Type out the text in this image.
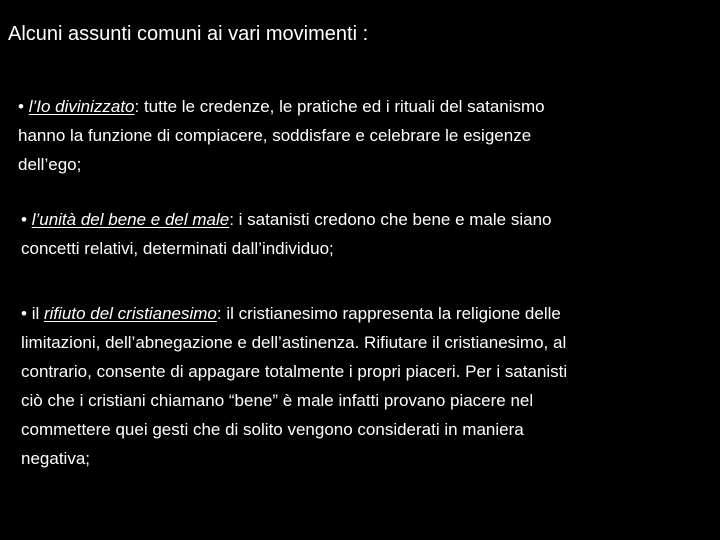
Alcuni assunti comuni ai vari movimenti :
• l’Io divinizzato: tutte le credenze, le pratiche ed i rituali del satanismo
hanno la funzione di compiacere, soddisfare e celebrare le esigenze
dell’ego;
• l’unità del bene e del male: i satanisti credono che bene e male siano
concetti relativi, determinati dall’individuo;
• il rifiuto del cristianesimo: il cristianesimo rappresenta la religione delle
limitazioni, dell’abnegazione e dell’astinenza. Rifiutare il cristianesimo, al
contrario, consente di appagare totalmente i propri piaceri. Per i satanisti
ciò che i cristiani chiamano “bene” è male infatti provano piacere nel
commettere quei gesti che di solito vengono considerati in maniera
negativa;
